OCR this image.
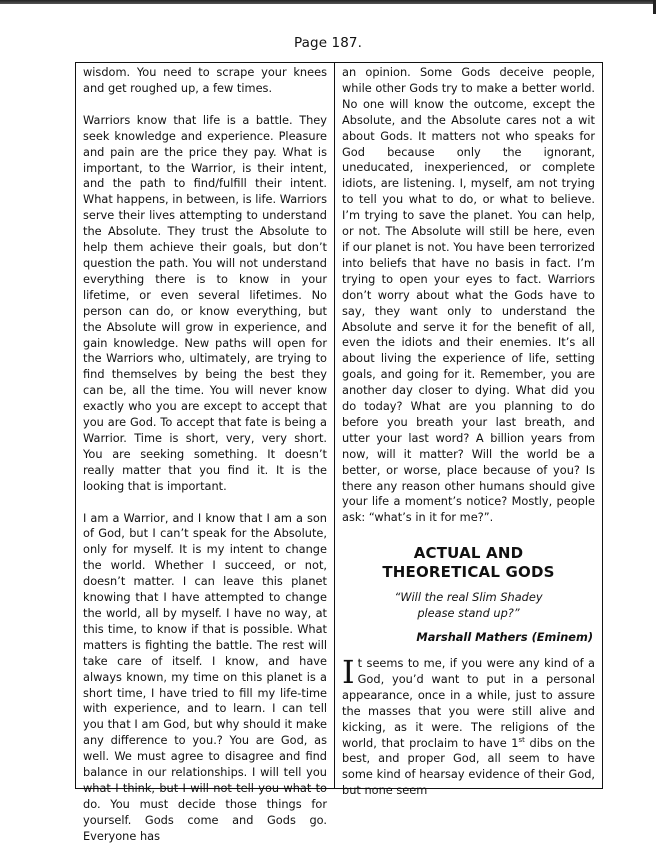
Page 187.

wisdom. You need to scrape your knees and get roughed up, a few times.

Warriors know that life is a battle. They seek knowledge and experience. Pleasure and pain are the price they pay. What is important, to the Warrior, is their intent, and the path to find/fulfill their intent. What happens, in between, is life. Warriors serve their lives attempting to understand the Absolute. They trust the Absolute to help them achieve their goals, but don’t question the path. You will not understand everything there is to know in your lifetime, or even several lifetimes. No person can do, or know everything, but the Absolute will grow in experience, and gain knowledge. New paths will open for the Warriors who, ultimately, are trying to find themselves by being the best they can be, all the time. You will never know exactly who you are except to accept that you are God. To accept that fate is being a Warrior. Time is short, very, very short. You are seeking something. It doesn’t really matter that you find it. It is the looking that is important.

I am a Warrior, and I know that I am a son of God, but I can’t speak for the Absolute, only for myself. It is my intent to change the world. Whether I succeed, or not, doesn’t matter. I can leave this planet knowing that I have attempted to change the world, all by myself. I have no way, at this time, to know if that is possible. What matters is fighting the battle. The rest will take care of itself. I know, and have always known, my time on this planet is a short time, I have tried to fill my life-time with experience, and to learn. I can tell you that I am God, but why should it make any difference to you.? You are God, as well. We must agree to disagree and find balance in our relationships. I will tell you what I think, but I will not tell you what to do. You must decide those things for yourself. Gods come and Gods go. Everyone has

an opinion. Some Gods deceive people, while other Gods try to make a better world. No one will know the outcome, except the Absolute, and the Absolute cares not a wit about Gods. It matters not who speaks for God because only the ignorant, uneducated, inexperienced, or complete idiots, are listening. I, myself, am not trying to tell you what to do, or what to believe. I’m trying to save the planet. You can help, or not. The Absolute will still be here, even if our planet is not. You have been terrorized into beliefs that have no basis in fact. I’m trying to open your eyes to fact. Warriors don’t worry about what the Gods have to say, they want only to understand the Absolute and serve it for the benefit of all, even the idiots and their enemies. It’s all about living the experience of life, setting goals, and going for it. Remember, you are another day closer to dying. What did you do today? What are you planning to do before you breath your last breath, and utter your last word? A billion years from now, will it matter? Will the world be a better, or worse, place because of you? Is there any reason other humans should give your life a moment’s notice? Mostly, people ask: “what’s in it for me?”.

ACTUAL AND
THEORETICAL GODS
“Will the real Slim Shadey
please stand up?”
Marshall Mathers (Eminem)

It seems to me, if you were any kind of a God, you’d want to put in a personal appearance, once in a while, just to assure the masses that you were still alive and kicking, as it were. The religions of the world, that proclaim to have 1st dibs on the best, and proper God, all seem to have some kind of hearsay evidence of their God, but none seem
